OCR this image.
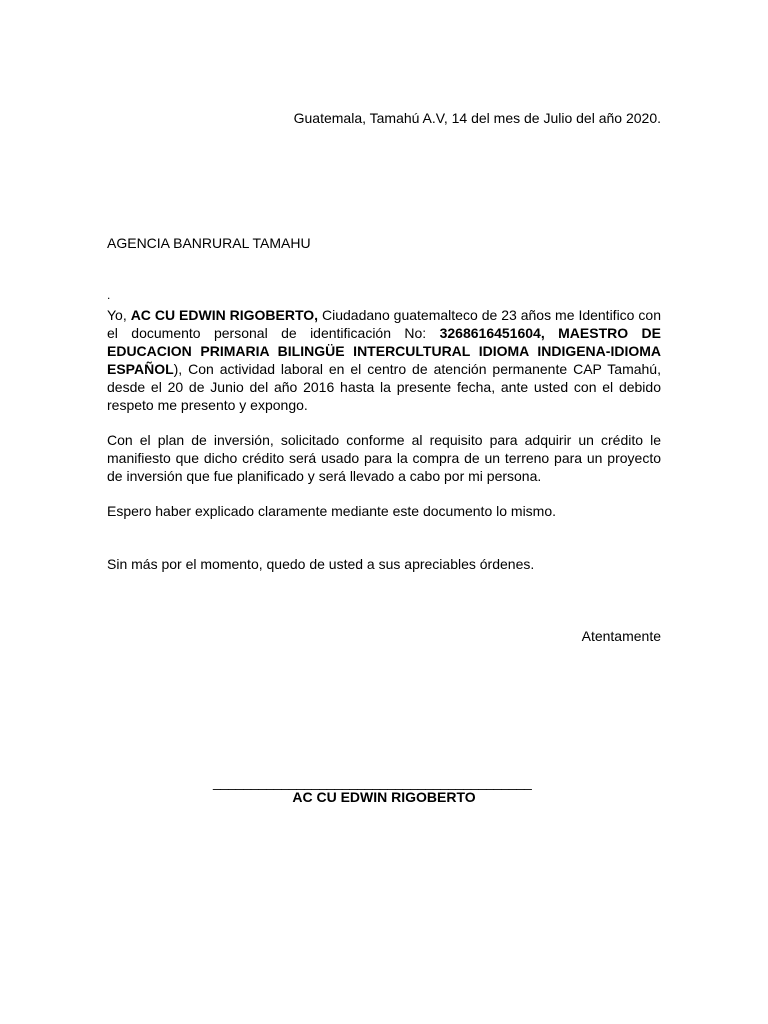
Guatemala, Tamahú A.V, 14 del mes de Julio del año 2020.
AGENCIA BANRURAL TAMAHU
.

Yo, AC CU EDWIN RIGOBERTO, Ciudadano guatemalteco de 23 años me Identifico con el documento personal de identificación No: 3268616451604, MAESTRO DE EDUCACION PRIMARIA BILINGÜE INTERCULTURAL IDIOMA INDIGENA-IDIOMA ESPAÑOL), Con actividad laboral en el centro de atención permanente CAP Tamahú, desde el 20 de Junio del año 2016 hasta la presente fecha, ante usted con el debido respeto me presento y expongo.

Con el plan de inversión, solicitado conforme al requisito para adquirir un crédito le manifiesto que dicho crédito será usado para la compra de un terreno para un proyecto de inversión que fue planificado y será llevado a cabo por mi persona.

Espero haber explicado claramente mediante este documento lo mismo.

Sin más por el momento, quedo de usted a sus apreciables órdenes.

Atentamente
__________________________________________
AC CU EDWIN RIGOBERTO
